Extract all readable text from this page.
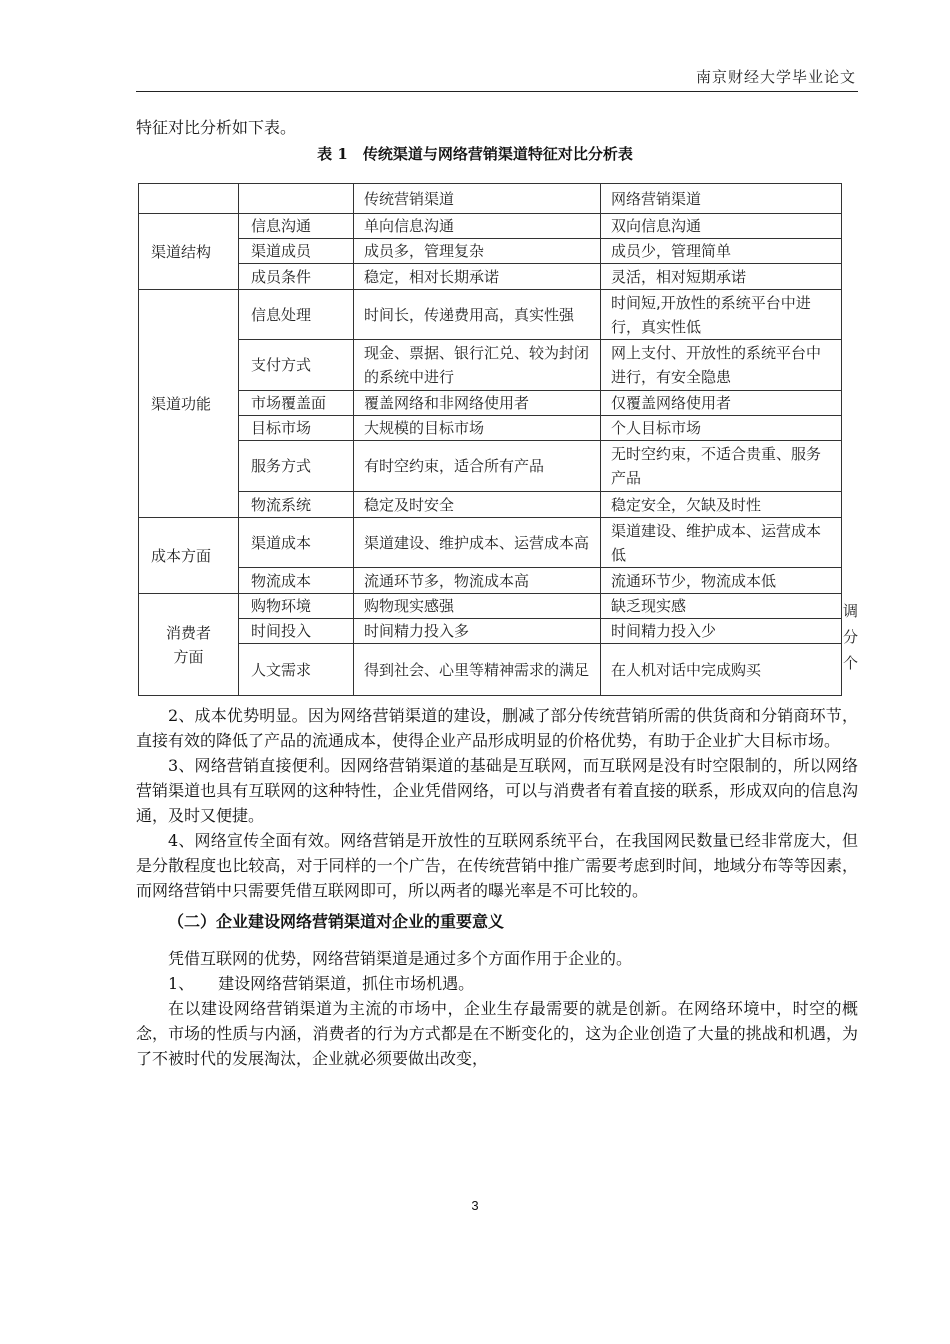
南京财经大学毕业论文
特征对比分析如下表。
表 1　传统渠道与网络营销渠道特征对比分析表
		传统营销渠道	网络营销渠道
渠道结构	信息沟通	单向信息沟通	双向信息沟通
	渠道成员	成员多，管理复杂	成员少，管理简单
	成员条件	稳定，相对长期承诺	灵活，相对短期承诺
渠道功能	信息处理	时间长，传递费用高，真实性强	时间短,开放性的系统平台中进行，真实性低
	支付方式	现金、票据、银行汇兑、较为封闭的系统中进行	网上支付、开放性的系统平台中进行，有安全隐患
	市场覆盖面	覆盖网络和非网络使用者	仅覆盖网络使用者
	目标市场	大规模的目标市场	个人目标市场
	服务方式	有时空约束，适合所有产品	无时空约束，不适合贵重、服务产品
	物流系统	稳定及时安全	稳定安全，欠缺及时性
成本方面	渠道成本	渠道建设、维护成本、运营成本高	渠道建设、维护成本、运营成本低
	物流成本	流通环节多，物流成本高	流通环节少，物流成本低
消费者方面	购物环境	购物现实感强	缺乏现实感
	时间投入	时间精力投入多	时间精力投入少
	人文需求	得到社会、心里等精神需求的满足	在人机对话中完成购买
调分个

2、成本优势明显。因为网络营销渠道的建设，删减了部分传统营销所需的供货商和分销商环节，直接有效的降低了产品的流通成本，使得企业产品形成明显的价格优势，有助于企业扩大目标市场。

3、网络营销直接便利。因网络营销渠道的基础是互联网，而互联网是没有时空限制的，所以网络营销渠道也具有互联网的这种特性，企业凭借网络，可以与消费者有着直接的联系，形成双向的信息沟通，及时又便捷。

4、网络宣传全面有效。网络营销是开放性的互联网系统平台，在我国网民数量已经非常庞大，但是分散程度也比较高，对于同样的一个广告，在传统营销中推广需要考虑到时间，地域分布等等因素，而网络营销中只需要凭借互联网即可，所以两者的曝光率是不可比较的。

（二）企业建设网络营销渠道对企业的重要意义

凭借互联网的优势，网络营销渠道是通过多个方面作用于企业的。

1、　　建设网络营销渠道，抓住市场机遇。

在以建设网络营销渠道为主流的市场中，企业生存最需要的就是创新。在网络环境中，时空的概念，市场的性质与内涵，消费者的行为方式都是在不断变化的，这为企业创造了大量的挑战和机遇，为了不被时代的发展淘汰，企业就必须要做出改变，

3
